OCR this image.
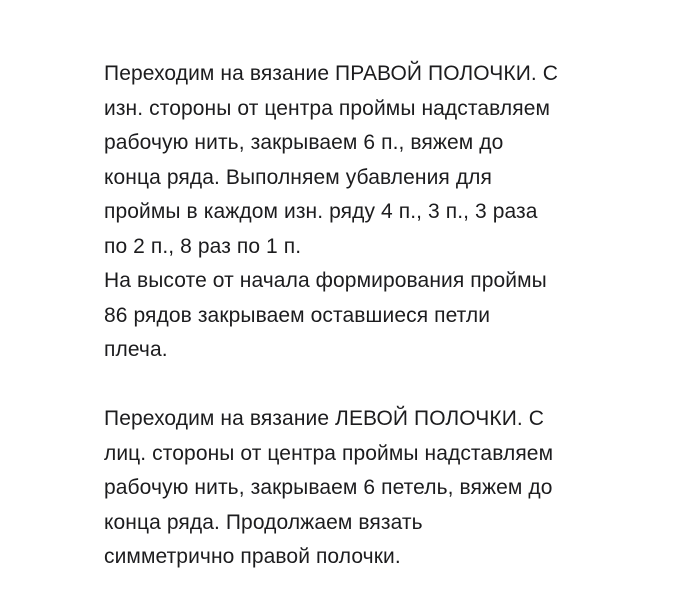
Переходим на вязание ПРАВОЙ ПОЛОЧКИ. С
изн. стороны от центра проймы надставляем
рабочую нить, закрываем 6 п., вяжем до
конца ряда. Выполняем убавления для
проймы в каждом изн. ряду 4 п., 3 п., 3 раза
по 2 п., 8 раз по 1 п.
На высоте от начала формирования проймы
86 рядов закрываем оставшиеся петли
плеча.

Переходим на вязание ЛЕВОЙ ПОЛОЧКИ. С
лиц. стороны от центра проймы надставляем
рабочую нить, закрываем 6 петель, вяжем до
конца ряда. Продолжаем вязать
симметрично правой полочки.
